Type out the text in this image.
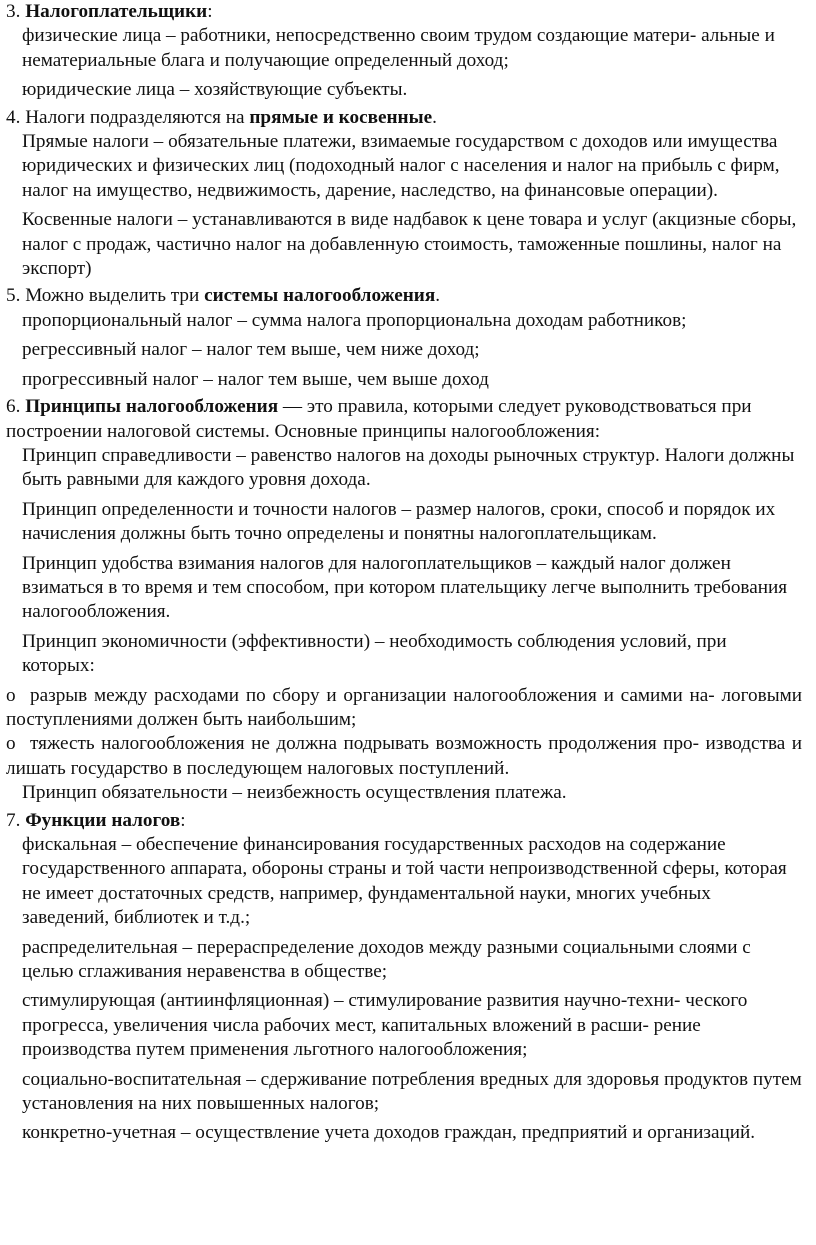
3. Налогоплательщики:

физические лица – работники, непосредственно своим трудом создающие матери- альные и нематериальные блага и получающие определенный доход;

юридические лица – хозяйствующие субъекты.

4. Налоги подразделяются на прямые и косвенные.

Прямые налоги – обязательные платежи, взимаемые государством с доходов или имущества юридических и физических лиц (подоходный налог с населения и налог на прибыль с фирм, налог на имущество, недвижимость, дарение, наследство, на финансовые операции).

Косвенные налоги – устанавливаются в виде надбавок к цене товара и услуг (акцизные сборы, налог с продаж, частично налог на добавленную стоимость, таможенные пошлины, налог на экспорт)

5. Можно выделить три системы налогообложения.

пропорциональный налог – сумма налога пропорциональна доходам работников;

регрессивный налог – налог тем выше, чем ниже доход;

прогрессивный налог – налог тем выше, чем выше доход

6. Принципы налогообложения — это правила, которыми следует руководствоваться при построении налоговой системы. Основные принципы налогообложения:

Принцип справедливости – равенство налогов на доходы рыночных структур. Налоги должны быть равными для каждого уровня дохода.

Принцип определенности и точности налогов – размер налогов, сроки, способ и порядок их начисления должны быть точно определены и понятны налогоплательщикам.

Принцип удобства взимания налогов для налогоплательщиков – каждый налог должен взиматься в то время и тем способом, при котором плательщику легче выполнить требования налогообложения.

Принцип экономичности (эффективности) – необходимость соблюдения условий, при которых:

o разрыв между расходами по сбору и организации налогообложения и самими на- логовыми поступлениями должен быть наибольшим;

o тяжесть налогообложения не должна подрывать возможность продолжения про- изводства и лишать государство в последующем налоговых поступлений.

Принцип обязательности – неизбежность осуществления платежа.

7. Функции налогов:

фискальная – обеспечение финансирования государственных расходов на содержание государственного аппарата, обороны страны и той части непроизводственной сферы, которая не имеет достаточных средств, например, фундаментальной науки, многих учебных заведений, библиотек и т.д.;

распределительная – перераспределение доходов между разными социальными слоями с целью сглаживания неравенства в обществе;

стимулирующая (антиинфляционная) – стимулирование развития научно-техни- ческого прогресса, увеличения числа рабочих мест, капитальных вложений в расши- рение производства путем применения льготного налогообложения;

социально-воспитательная – сдерживание потребления вредных для здоровья продуктов путем установления на них повышенных налогов;

конкретно-учетная – осуществление учета доходов граждан, предприятий и организаций.
